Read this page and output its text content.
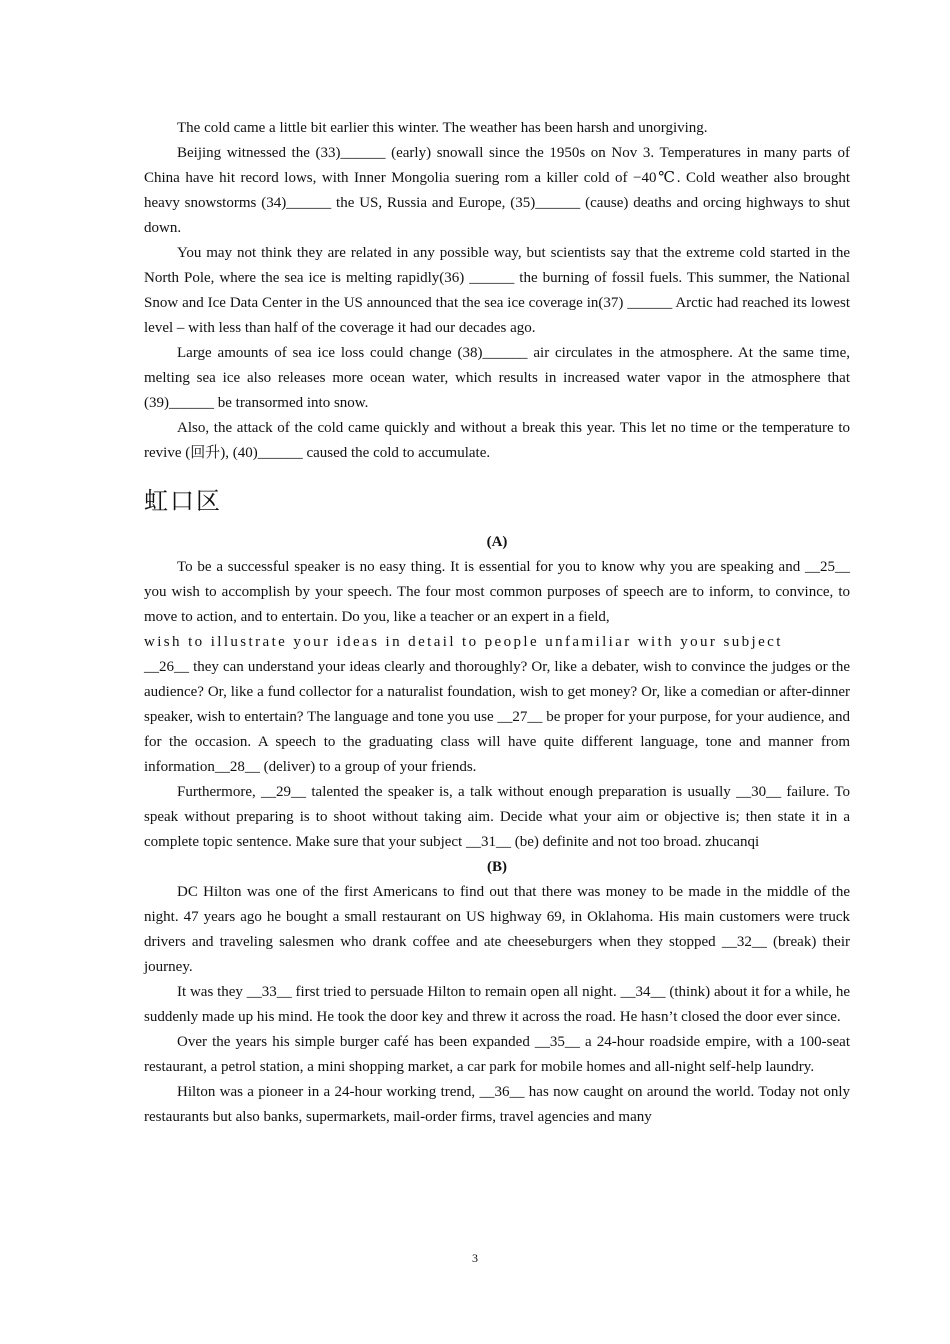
The cold came a little bit earlier this winter. The weather has been harsh and unorgiving.

Beijing witnessed the (33)______ (early) snowall since the 1950s on Nov 3. Temperatures in many parts of China have hit record lows, with Inner Mongolia suering rom a killer cold of −40℃. Cold weather also brought heavy snowstorms (34)______ the US, Russia and Europe, (35)______ (cause) deaths and orcing highways to shut down.

You may not think they are related in any possible way, but scientists say that the extreme cold started in the North Pole, where the sea ice is melting rapidly(36) ______ the burning of fossil fuels. This summer, the National Snow and Ice Data Center in the US announced that the sea ice coverage in(37) ______ Arctic had reached its lowest level – with less than half of the coverage it had our decades ago.

Large amounts of sea ice loss could change (38)______ air circulates in the atmosphere. At the same time, melting sea ice also releases more ocean water, which results in increased water vapor in the atmosphere that (39)______ be transormed into snow.

Also, the attack of the cold came quickly and without a break this year. This let no time or the temperature to revive (回升), (40)______ caused the cold to accumulate.

虹口区

(A)

To be a successful speaker is no easy thing. It is essential for you to know why you are speaking and __25__ you wish to accomplish by your speech. The four most common purposes of speech are to inform, to convince, to move to action, and to entertain. Do you, like a teacher or an expert in a field,

wish to illustrate your ideas in detail to people unfamiliar with your subject

__26__ they can understand your ideas clearly and thoroughly? Or, like a debater, wish to convince the judges or the audience? Or, like a fund collector for a naturalist foundation, wish to get money? Or, like a comedian or after-dinner speaker, wish to entertain? The language and tone you use __27__ be proper for your purpose, for your audience, and for the occasion. A speech to the graduating class will have quite different language, tone and manner from information__28__ (deliver) to a group of your friends.

Furthermore, __29__ talented the speaker is, a talk without enough preparation is usually __30__ failure. To speak without preparing is to shoot without taking aim. Decide what your aim or objective is; then state it in a complete topic sentence. Make sure that your subject __31__ (be) definite and not too broad. zhucanqi

(B)

DC Hilton was one of the first Americans to find out that there was money to be made in the middle of the night. 47 years ago he bought a small restaurant on US highway 69, in Oklahoma. His main customers were truck drivers and traveling salesmen who drank coffee and ate cheeseburgers when they stopped __32__ (break) their journey.

It was they __33__ first tried to persuade Hilton to remain open all night. __34__ (think) about it for a while, he suddenly made up his mind. He took the door key and threw it across the road. He hasn’t closed the door ever since.

Over the years his simple burger café has been expanded __35__ a 24-hour roadside empire, with a 100-seat restaurant, a petrol station, a mini shopping market, a car park for mobile homes and all-night self-help laundry.

Hilton was a pioneer in a 24-hour working trend, __36__ has now caught on around the world. Today not only restaurants but also banks, supermarkets, mail-order firms, travel agencies and many

3
